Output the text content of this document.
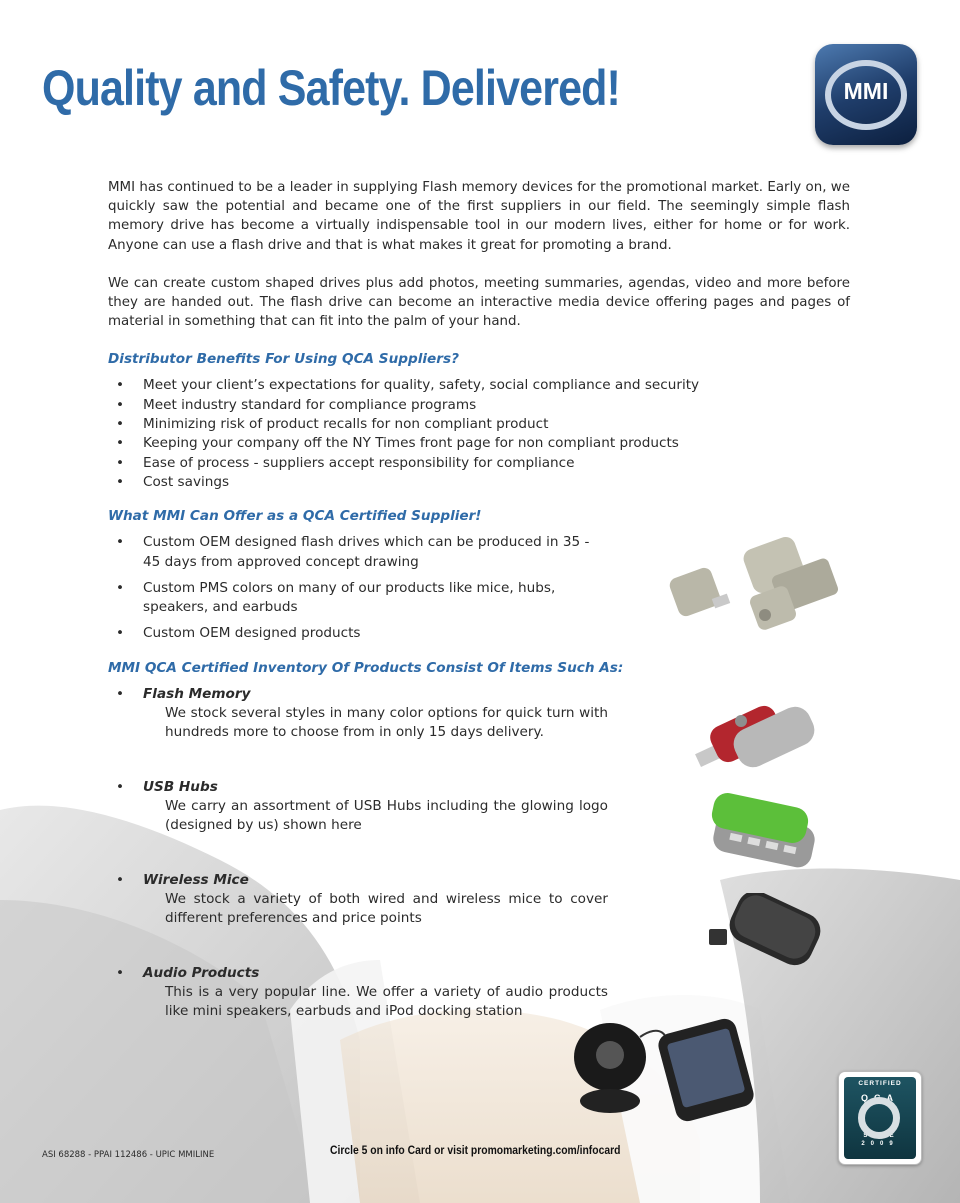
Quality and Safety. Delivered!	MMI

MMI has continued to be a leader in supplying Flash memory devices for the promotional market. Early on, we quickly saw the potential and became one of the first suppliers in our field. The seemingly simple flash memory drive has become a virtually indispensable tool in our modern lives, either for home or for work. Anyone can use a flash drive and that is what makes it great for promoting a brand.

We can create custom shaped drives plus add photos, meeting summaries, agendas, video and more before they are handed out. The flash drive can become an interactive media device offering pages and pages of material in something that can fit into the palm of your hand.

Distributor Benefits For Using QCA Suppliers?
• Meet your client’s expectations for quality, safety, social compliance and security
• Meet industry standard for compliance programs
• Minimizing risk of product recalls for non compliant product
• Keeping your company off the NY Times front page for non compliant products
• Ease of process - suppliers accept responsibility for compliance
• Cost savings
What MMI Can Offer as a QCA Certified Supplier!
• Custom OEM designed flash drives which can be produced in 35 - 45 days from approved concept drawing
• Custom PMS colors on many of our products like mice, hubs, speakers, and earbuds
• Custom OEM designed products
MMI QCA Certified Inventory Of Products Consist Of Items Such As:
• Flash Memory
We stock several styles in many color options for quick turn with hundreds more to choose from in only 15 days delivery.
• USB Hubs
We carry an assortment of USB Hubs including the glowing logo (designed by us) shown here
• Wireless Mice
We stock a variety of both wired and wireless mice to cover different preferences and price points
• Audio Products
This is a very popular line. We offer a variety of audio products like mini speakers, earbuds and iPod docking station
ASI 68288 - PPAI 112486 - UPIC MMILINE	Circle 5 on info Card or visit promomarketing.com/infocard
CERTIFIED
QCA
SINCE
2009
